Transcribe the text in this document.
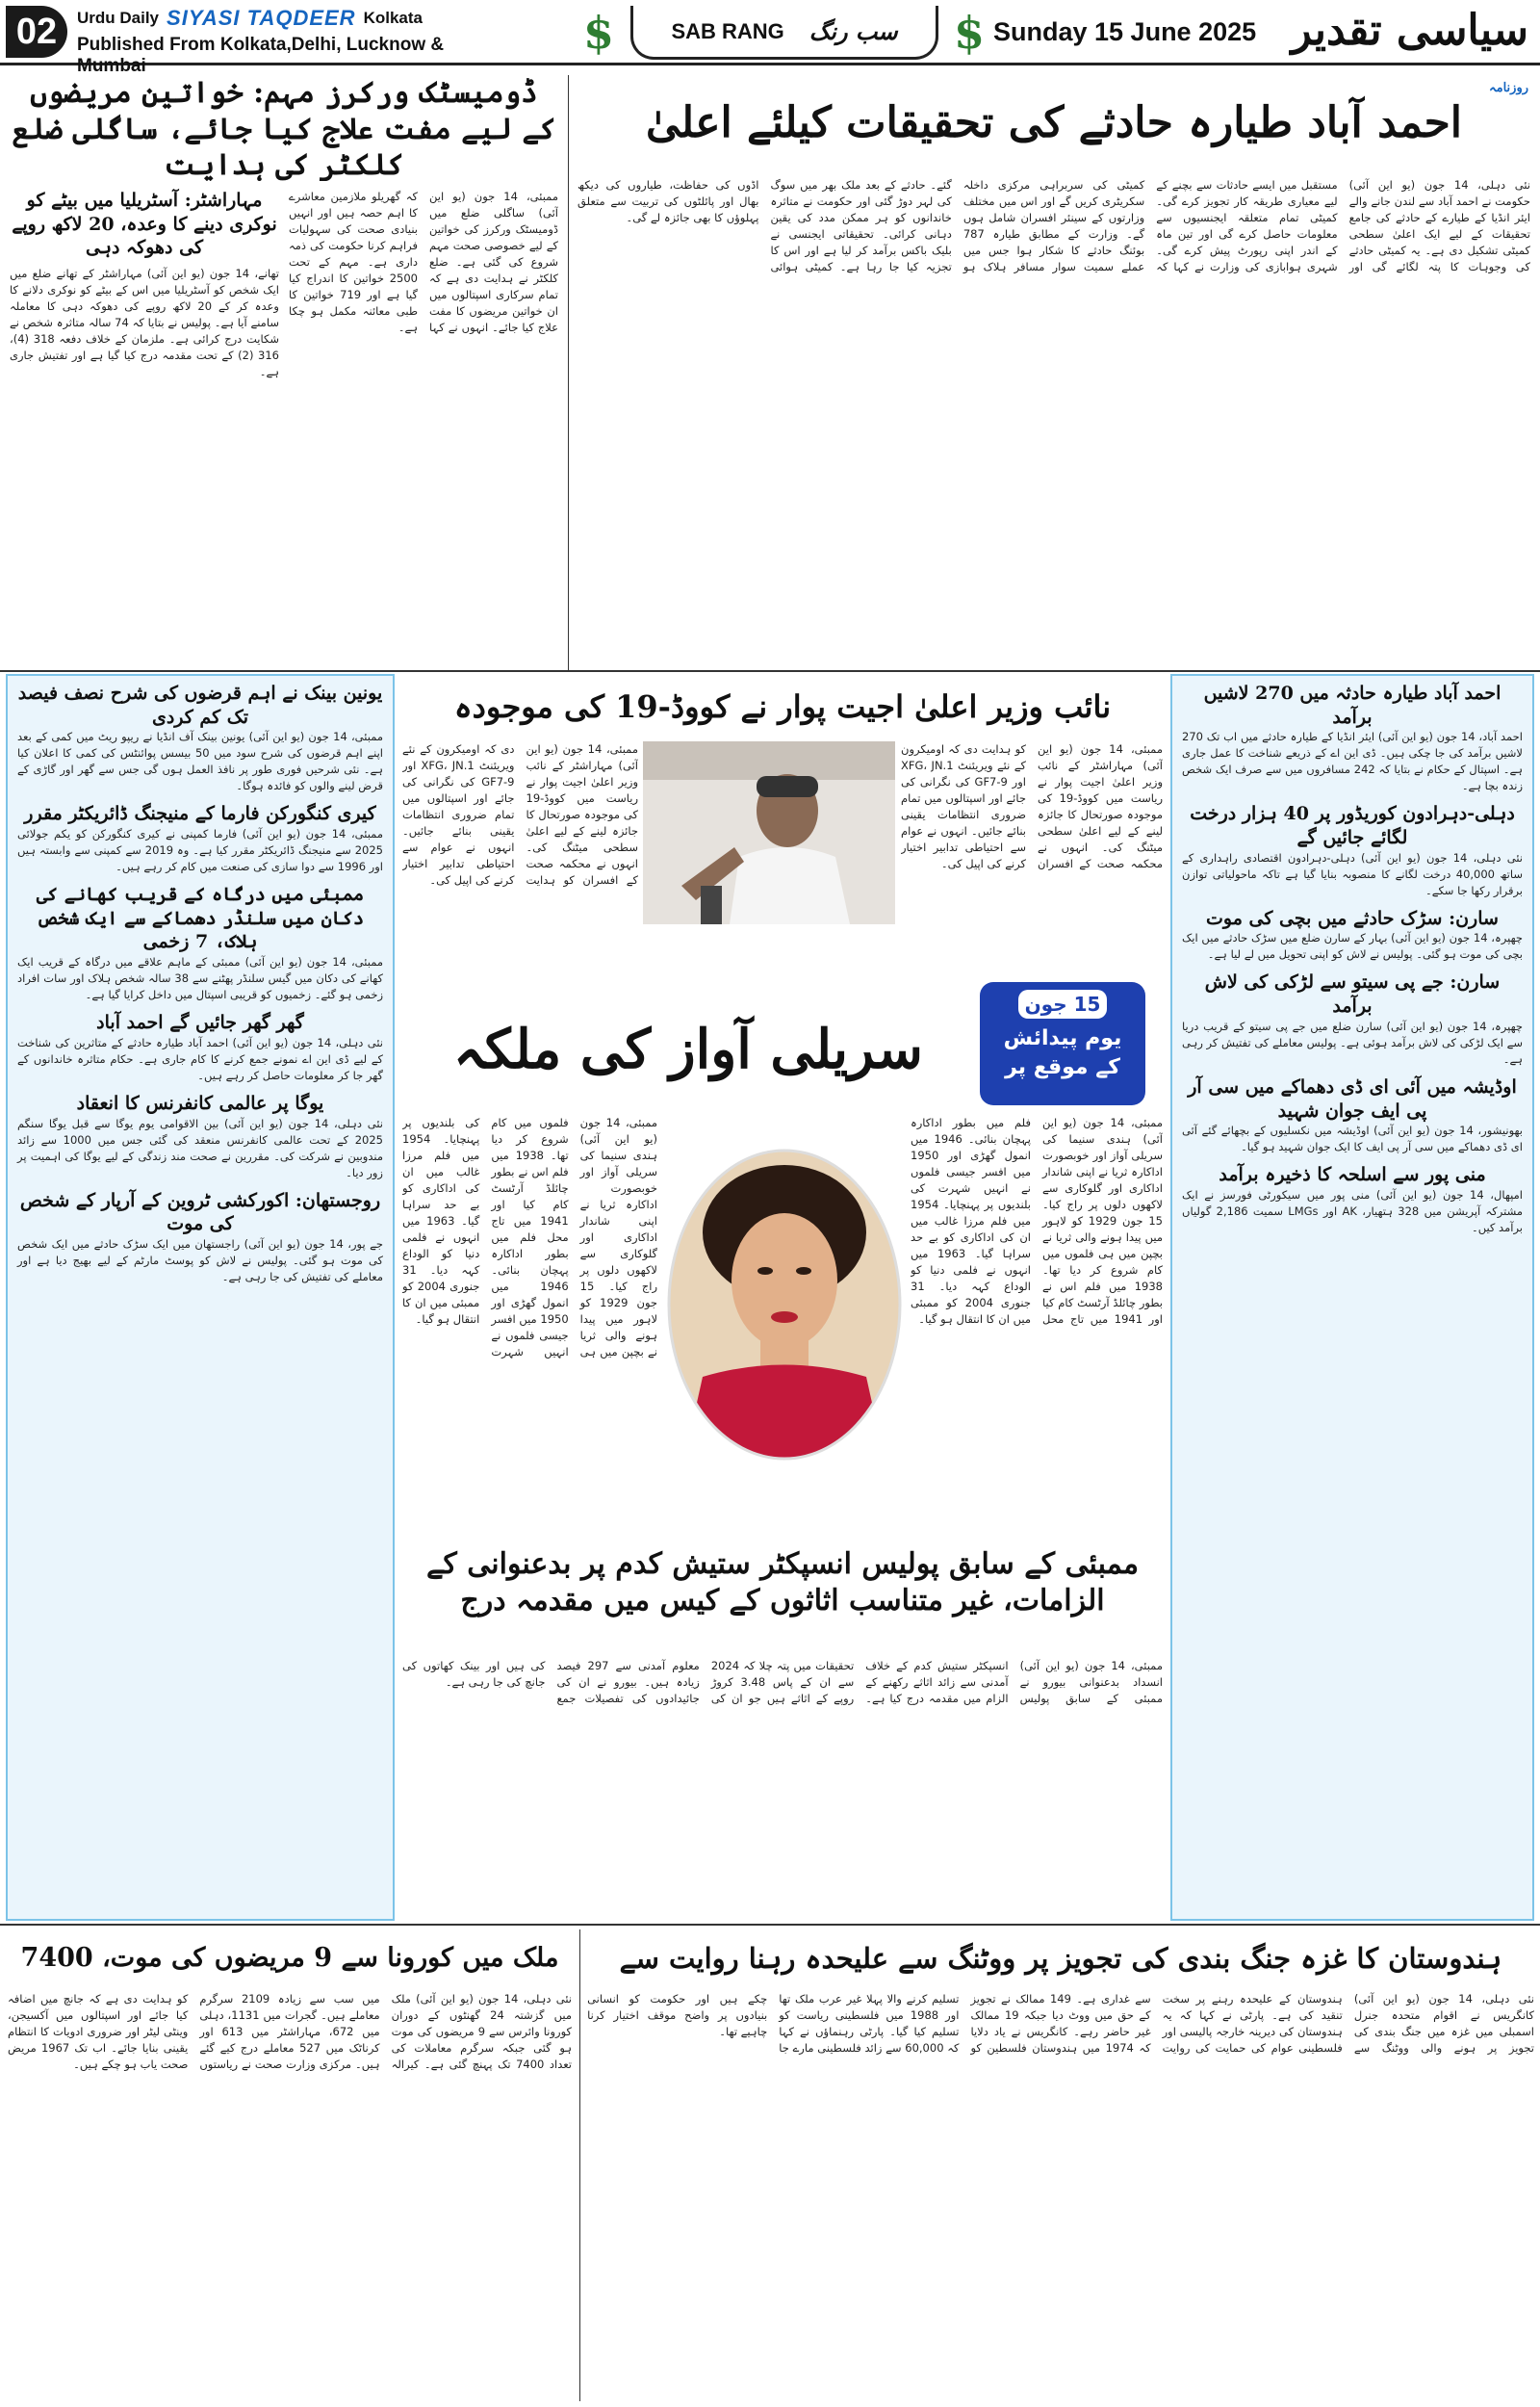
02	Urdu Daily SIYASI TAQDEER Kolkata
Published From Kolkata,Delhi, Lucknow & Mumbai
$	SAB RANG سب رنگ $ Sunday 15 June 2025 سیاسی تقدیر $^{روزنامہ}$
احمد آباد طیارہ حادثے کی تحقیقات کیلئے اعلیٰ
نئی دہلی، 14 جون (یو این آئی) حکومت نے احمد آباد سے لندن جانے والے ایئر انڈیا کے طیارے کے حادثے کی جامع تحقیقات کے لیے ایک اعلیٰ سطحی کمیٹی تشکیل دی ہے۔ یہ کمیٹی حادثے کی وجوہات کا پتہ لگائے گی اور مستقبل میں ایسے حادثات سے بچنے کے لیے معیاری طریقہ کار تجویز کرے گی۔ کمیٹی تمام متعلقہ ایجنسیوں سے معلومات حاصل کرے گی اور تین ماہ کے اندر اپنی رپورٹ پیش کرے گی۔ شہری ہوابازی کی وزارت نے کہا کہ کمیٹی کی سربراہی مرکزی داخلہ سکریٹری کریں گے اور اس میں مختلف وزارتوں کے سینئر افسران شامل ہوں گے۔ وزارت کے مطابق طیارہ 787 بوئنگ حادثے کا شکار ہوا جس میں عملے سمیت سوار مسافر ہلاک ہو گئے۔ حادثے کے بعد ملک بھر میں سوگ کی لہر دوڑ گئی اور حکومت نے متاثرہ خاندانوں کو ہر ممکن مدد کی یقین دہانی کرائی۔ تحقیقاتی ایجنسی نے بلیک باکس برآمد کر لیا ہے اور اس کا تجزیہ کیا جا رہا ہے۔ کمیٹی ہوائی اڈوں کی حفاظت، طیاروں کی دیکھ بھال اور پائلٹوں کی تربیت سے متعلق پہلوؤں کا بھی جائزہ لے گی۔
ڈومیسٹک ورکرز مہم: خواتین مریضوں کے لیے مفت علاج کیا جائے، ساگلی ضلع کلکٹر کی ہدایت
ممبئی، 14 جون (یو این آئی) ساگلی ضلع میں ڈومیسٹک ورکرز کی خواتین کے لیے خصوصی صحت مہم شروع کی گئی ہے۔ ضلع کلکٹر نے ہدایت دی ہے کہ تمام سرکاری اسپتالوں میں ان خواتین مریضوں کا مفت علاج کیا جائے۔ انہوں نے کہا کہ گھریلو ملازمین معاشرے کا اہم حصہ ہیں اور انہیں بنیادی صحت کی سہولیات فراہم کرنا حکومت کی ذمہ داری ہے۔ مہم کے تحت 2500 خواتین کا اندراج کیا گیا ہے اور 719 خواتین کا طبی معائنہ مکمل ہو چکا ہے۔
مہاراشٹر: آسٹریلیا میں بیٹے کو نوکری دینے کا وعدہ، 20 لاکھ روپے کی دھوکہ دہی
تھانے، 14 جون (یو این آئی) مہاراشٹر کے تھانے ضلع میں ایک شخص کو آسٹریلیا میں اس کے بیٹے کو نوکری دلانے کا وعدہ کر کے 20 لاکھ روپے کی دھوکہ دہی کا معاملہ سامنے آیا ہے۔ پولیس نے بتایا کہ 74 سالہ متاثرہ شخص نے شکایت درج کرائی ہے۔ ملزمان کے خلاف دفعہ 318 (4)، 316 (2) کے تحت مقدمہ درج کیا گیا ہے اور تفتیش جاری ہے۔
یونین بینک نے اہم قرضوں کی شرح نصف فیصد تک کم کردی
ممبئی، 14 جون (یو این آئی) یونین بینک آف انڈیا نے ریپو ریٹ میں کمی کے بعد اپنے اہم قرضوں کی شرح سود میں 50 بیسس پوائنٹس کی کمی کا اعلان کیا ہے۔ نئی شرحیں فوری طور پر نافذ العمل ہوں گی جس سے گھر اور گاڑی کے قرض لینے والوں کو فائدہ ہوگا۔
کیری کنگورکن فارما کے منیجنگ ڈائریکٹر مقرر
ممبئی، 14 جون (یو این آئی) فارما کمپنی نے کیری کنگورکن کو یکم جولائی 2025 سے منیجنگ ڈائریکٹر مقرر کیا ہے۔ وہ 2019 سے کمپنی سے وابستہ ہیں اور 1996 سے دوا سازی کی صنعت میں کام کر رہے ہیں۔
ممبئی میں درگاہ کے قریب کھانے کی دکان میں سلنڈر دھماکے سے ایک شخص ہلاک، 7 زخمی
ممبئی، 14 جون (یو این آئی) ممبئی کے ماہم علاقے میں درگاہ کے قریب ایک کھانے کی دکان میں گیس سلنڈر پھٹنے سے 38 سالہ شخص ہلاک اور سات افراد زخمی ہو گئے۔ زخمیوں کو قریبی اسپتال میں داخل کرایا گیا ہے۔
گھر گھر جائیں گے احمد آباد
نئی دہلی، 14 جون (یو این آئی) احمد آباد طیارہ حادثے کے متاثرین کی شناخت کے لیے ڈی این اے نمونے جمع کرنے کا کام جاری ہے۔ حکام متاثرہ خاندانوں کے گھر جا کر معلومات حاصل کر رہے ہیں۔
یوگا پر عالمی کانفرنس کا انعقاد
نئی دہلی، 14 جون (یو این آئی) بین الاقوامی یوم یوگا سے قبل یوگا سنگم 2025 کے تحت عالمی کانفرنس منعقد کی گئی جس میں 1000 سے زائد مندوبین نے شرکت کی۔ مقررین نے صحت مند زندگی کے لیے یوگا کی اہمیت پر زور دیا۔
روجستھان: اکورکشی ٹروین کے آرپار کے شخص کی موت
جے پور، 14 جون (یو این آئی) راجستھان میں ایک سڑک حادثے میں ایک شخص کی موت ہو گئی۔ پولیس نے لاش کو پوسٹ مارٹم کے لیے بھیج دیا ہے اور معاملے کی تفتیش کی جا رہی ہے۔
نائب وزیر اعلیٰ اجیت پوار نے کووڈ-19 کی موجودہ
ممبئی، 14 جون (یو این آئی) مہاراشٹر کے نائب وزیر اعلیٰ اجیت پوار نے ریاست میں کووڈ-19 کی موجودہ صورتحال کا جائزہ لینے کے لیے اعلیٰ سطحی میٹنگ کی۔ انہوں نے محکمہ صحت کے افسران کو ہدایت دی کہ اومیکرون کے نئے ویریئنٹ XFG، JN.1 اور GF7-9 کی نگرانی کی جائے اور اسپتالوں میں تمام ضروری انتظامات یقینی بنائے جائیں۔ انہوں نے عوام سے احتیاطی تدابیر اختیار کرنے کی اپیل کی۔
ممبئی، 14 جون (یو این آئی) مہاراشٹر کے نائب وزیر اعلیٰ اجیت پوار نے ریاست میں کووڈ-19 کی موجودہ صورتحال کا جائزہ لینے کے لیے اعلیٰ سطحی میٹنگ کی۔ انہوں نے محکمہ صحت کے افسران کو ہدایت دی کہ اومیکرون کے نئے ویریئنٹ XFG، JN.1 اور GF7-9 کی نگرانی کی جائے اور اسپتالوں میں تمام ضروری انتظامات یقینی بنائے جائیں۔ انہوں نے عوام سے احتیاطی تدابیر اختیار کرنے کی اپیل کی۔
15 جون
یوم پیدائش
کے موقع پر
سریلی آواز کی ملکہ
ممبئی، 14 جون (یو این آئی) ہندی سنیما کی سریلی آواز اور خوبصورت اداکارہ ثریا نے اپنی شاندار اداکاری اور گلوکاری سے لاکھوں دلوں پر راج کیا۔ 15 جون 1929 کو لاہور میں پیدا ہونے والی ثریا نے بچپن میں ہی فلموں میں کام شروع کر دیا تھا۔ 1938 میں فلم اس نے بطور چائلڈ آرٹسٹ کام کیا اور 1941 میں تاج محل فلم میں بطور اداکارہ پہچان بنائی۔ 1946 میں انمول گھڑی اور 1950 میں افسر جیسی فلموں نے انہیں شہرت کی بلندیوں پر پہنچایا۔ 1954 میں فلم مرزا غالب میں ان کی اداکاری کو بے حد سراہا گیا۔ 1963 میں انہوں نے فلمی دنیا کو الوداع کہہ دیا۔ 31 جنوری 2004 کو ممبئی میں ان کا انتقال ہو گیا۔
ممبئی، 14 جون (یو این آئی) ہندی سنیما کی سریلی آواز اور خوبصورت اداکارہ ثریا نے اپنی شاندار اداکاری اور گلوکاری سے لاکھوں دلوں پر راج کیا۔ 15 جون 1929 کو لاہور میں پیدا ہونے والی ثریا نے بچپن میں ہی فلموں میں کام شروع کر دیا تھا۔ 1938 میں فلم اس نے بطور چائلڈ آرٹسٹ کام کیا اور 1941 میں تاج محل فلم میں بطور اداکارہ پہچان بنائی۔ 1946 میں انمول گھڑی اور 1950 میں افسر جیسی فلموں نے انہیں شہرت کی بلندیوں پر پہنچایا۔ 1954 میں فلم مرزا غالب میں ان کی اداکاری کو بے حد سراہا گیا۔ 1963 میں انہوں نے فلمی دنیا کو الوداع کہہ دیا۔ 31 جنوری 2004 کو ممبئی میں ان کا انتقال ہو گیا۔
ممبئی کے سابق پولیس انسپکٹر ستیش کدم پر بدعنوانی کے الزامات، غیر متناسب اثاثوں کے کیس میں مقدمہ درج
ممبئی، 14 جون (یو این آئی) انسداد بدعنوانی بیورو نے ممبئی کے سابق پولیس انسپکٹر ستیش کدم کے خلاف آمدنی سے زائد اثاثے رکھنے کے الزام میں مقدمہ درج کیا ہے۔ تحقیقات میں پتہ چلا کہ 2024 سے ان کے پاس 3.48 کروڑ روپے کے اثاثے ہیں جو ان کی معلوم آمدنی سے 297 فیصد زیادہ ہیں۔ بیورو نے ان کی جائیدادوں کی تفصیلات جمع کی ہیں اور بینک کھاتوں کی جانچ کی جا رہی ہے۔
احمد آباد طیارہ حادثہ میں 270 لاشیں برآمد
احمد آباد، 14 جون (یو این آئی) ایئر انڈیا کے طیارہ حادثے میں اب تک 270 لاشیں برآمد کی جا چکی ہیں۔ ڈی این اے کے ذریعے شناخت کا عمل جاری ہے۔ اسپتال کے حکام نے بتایا کہ 242 مسافروں میں سے صرف ایک شخص زندہ بچا ہے۔
دہلی-دہرادون کوریڈور پر 40 ہزار درخت لگائے جائیں گے
نئی دہلی، 14 جون (یو این آئی) دہلی-دہرادون اقتصادی راہداری کے ساتھ 40,000 درخت لگانے کا منصوبہ بنایا گیا ہے تاکہ ماحولیاتی توازن برقرار رکھا جا سکے۔
سارن: سڑک حادثے میں بچی کی موت
چھپرہ، 14 جون (یو این آئی) بہار کے سارن ضلع میں سڑک حادثے میں ایک بچی کی موت ہو گئی۔ پولیس نے لاش کو اپنی تحویل میں لے لیا ہے۔
سارن: جے پی سیتو سے لڑکی کی لاش برآمد
چھپرہ، 14 جون (یو این آئی) سارن ضلع میں جے پی سیتو کے قریب دریا سے ایک لڑکی کی لاش برآمد ہوئی ہے۔ پولیس معاملے کی تفتیش کر رہی ہے۔
اوڈیشہ میں آئی ای ڈی دھماکے میں سی آر پی ایف جوان شہید
بھونیشور، 14 جون (یو این آئی) اوڈیشہ میں نکسلیوں کے بچھائے گئے آئی ای ڈی دھماکے میں سی آر پی ایف کا ایک جوان شہید ہو گیا۔
منی پور سے اسلحہ کا ذخیرہ برآمد
امپھال، 14 جون (یو این آئی) منی پور میں سیکورٹی فورسز نے ایک مشترکہ آپریشن میں 328 ہتھیار، AK اور LMGs سمیت 2,186 گولیاں برآمد کیں۔
ہندوستان کا غزہ جنگ بندی کی تجویز پر ووٹنگ سے علیحدہ رہنا روایت سے
نئی دہلی، 14 جون (یو این آئی) کانگریس نے اقوام متحدہ جنرل اسمبلی میں غزہ میں جنگ بندی کی تجویز پر ہونے والی ووٹنگ سے ہندوستان کے علیحدہ رہنے پر سخت تنقید کی ہے۔ پارٹی نے کہا کہ یہ ہندوستان کی دیرینہ خارجہ پالیسی اور فلسطینی عوام کی حمایت کی روایت سے غداری ہے۔ 149 ممالک نے تجویز کے حق میں ووٹ دیا جبکہ 19 ممالک غیر حاضر رہے۔ کانگریس نے یاد دلایا کہ 1974 میں ہندوستان فلسطین کو تسلیم کرنے والا پہلا غیر عرب ملک تھا اور 1988 میں فلسطینی ریاست کو تسلیم کیا گیا۔ پارٹی رہنماؤں نے کہا کہ 60,000 سے زائد فلسطینی مارے جا چکے ہیں اور حکومت کو انسانی بنیادوں پر واضح موقف اختیار کرنا چاہیے تھا۔
ملک میں کورونا سے 9 مریضوں کی موت، 7400
نئی دہلی، 14 جون (یو این آئی) ملک میں گزشتہ 24 گھنٹوں کے دوران کورونا وائرس سے 9 مریضوں کی موت ہو گئی جبکہ سرگرم معاملات کی تعداد 7400 تک پہنچ گئی ہے۔ کیرالہ میں سب سے زیادہ 2109 سرگرم معاملے ہیں۔ گجرات میں 1131، دہلی میں 672، مہاراشٹر میں 613 اور کرناٹک میں 527 معاملے درج کیے گئے ہیں۔ مرکزی وزارت صحت نے ریاستوں کو ہدایت دی ہے کہ جانچ میں اضافہ کیا جائے اور اسپتالوں میں آکسیجن، وینٹی لیٹر اور ضروری ادویات کا انتظام یقینی بنایا جائے۔ اب تک 1967 مریض صحت یاب ہو چکے ہیں۔
